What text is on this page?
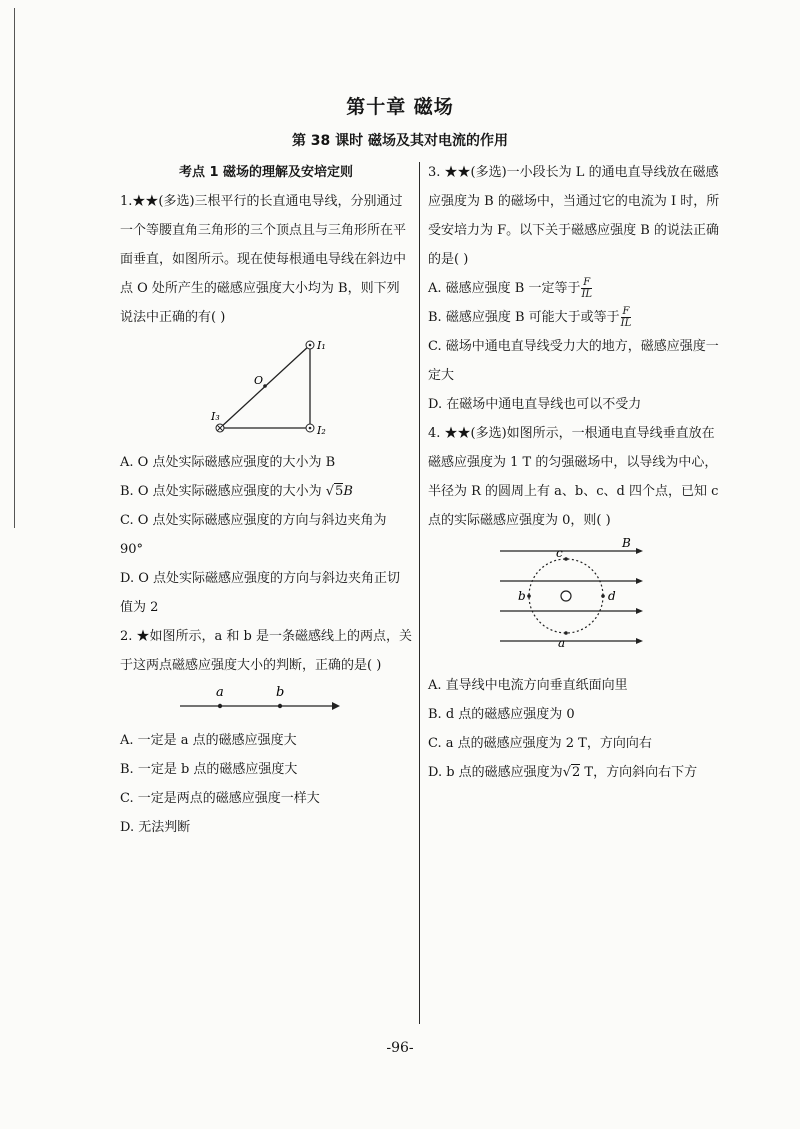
第十章 磁场
第 38 课时 磁场及其对电流的作用

考点 1 磁场的理解及安培定则

1.★★(多选)三根平行的长直通电导线，分别通过一个等腰直角三角形的三个顶点且与三角形所在平面垂直，如图所示。现在使每根通电导线在斜边中点 O 处所产生的磁感应强度大小均为 B，则下列说法中正确的有( )

I₁
I₂
I₃
O

A. O 点处实际磁感应强度的大小为 B

B. O 点处实际磁感应强度的大小为 √5B

C. O 点处实际磁感应强度的方向与斜边夹角为 90°

D. O 点处实际磁感应强度的方向与斜边夹角正切值为 2

2. ★如图所示，a 和 b 是一条磁感线上的两点，关于这两点磁感应强度大小的判断，正确的是( )

a	b

A. 一定是 a 点的磁感应强度大

B. 一定是 b 点的磁感应强度大

C. 一定是两点的磁感应强度一样大

D. 无法判断

3. ★★(多选)一小段长为 L 的通电直导线放在磁感应强度为 B 的磁场中，当通过它的电流为 I 时，所受安培力为 F。以下关于磁感应强度 B 的说法正确的是( )

A. 磁感应强度 B 一定等于 $\frac{F}{IL}$

B. 磁感应强度 B 可能大于或等于 $\frac{F}{IL}$

C. 磁场中通电直导线受力大的地方，磁感应强度一定大

D. 在磁场中通电直导线也可以不受力

4. ★★(多选)如图所示，一根通电直导线垂直放在磁感应强度为 1 T 的匀强磁场中，以导线为中心，半径为 R 的圆周上有 a、b、c、d 四个点，已知 c 点的实际磁感应强度为 0，则( )

c
a
b	d
B

A. 直导线中电流方向垂直纸面向里

B. d 点的磁感应强度为 0

C. a 点的磁感应强度为 2 T，方向向右

D. b 点的磁感应强度为√2 T，方向斜向右下方

-96-
